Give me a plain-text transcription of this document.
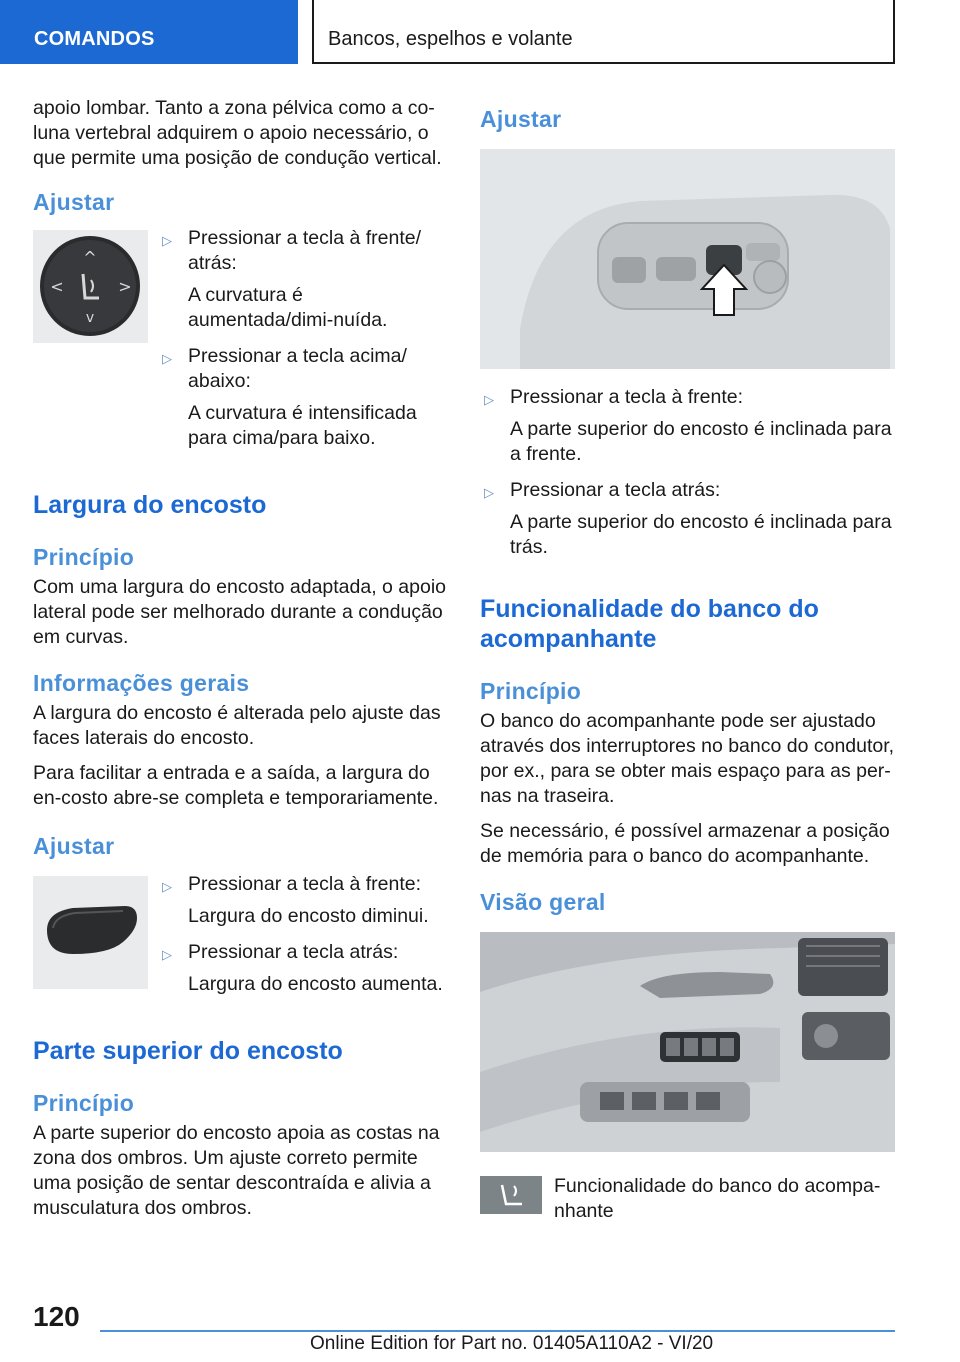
COMANDOS	Bancos, espelhos e volante

apoio lombar. Tanto a zona pélvica como a co-luna vertebral adquirem o apoio necessário, o que permite uma posição de condução vertical.

Ajustar
^
v
<	>
▷ Pressionar a tecla à frente/ atrás:
A curvatura é aumentada/dimi-nuída.
▷ Pressionar a tecla acima/ abaixo:
A curvatura é intensificada para cima/para baixo.
Largura do encosto
Princípio

Com uma largura do encosto adaptada, o apoio lateral pode ser melhorado durante a condução em curvas.

Informações gerais

A largura do encosto é alterada pelo ajuste das faces laterais do encosto.

Para facilitar a entrada e a saída, a largura do en-costo abre-se completa e temporariamente.

Ajustar
▷ Pressionar a tecla à frente:
Largura do encosto diminui.
▷ Pressionar a tecla atrás:
Largura do encosto aumenta.
Parte superior do encosto
Princípio

A parte superior do encosto apoia as costas na zona dos ombros. Um ajuste correto permite uma posição de sentar descontraída e alivia a musculatura dos ombros.

Ajustar
▷ Pressionar a tecla à frente:
A parte superior do encosto é inclinada para a frente.
▷ Pressionar a tecla atrás:
A parte superior do encosto é inclinada para trás.
Funcionalidade do banco do acompanhante
Princípio

O banco do acompanhante pode ser ajustado através dos interruptores no banco do condutor, por ex., para se obter mais espaço para as per-nas na traseira.

Se necessário, é possível armazenar a posição de memória para o banco do acompanhante.

Visão geral
Funcionalidade do banco do acompa-nhante
120
Online Edition for Part no. 01405A110A2 - VI/20
